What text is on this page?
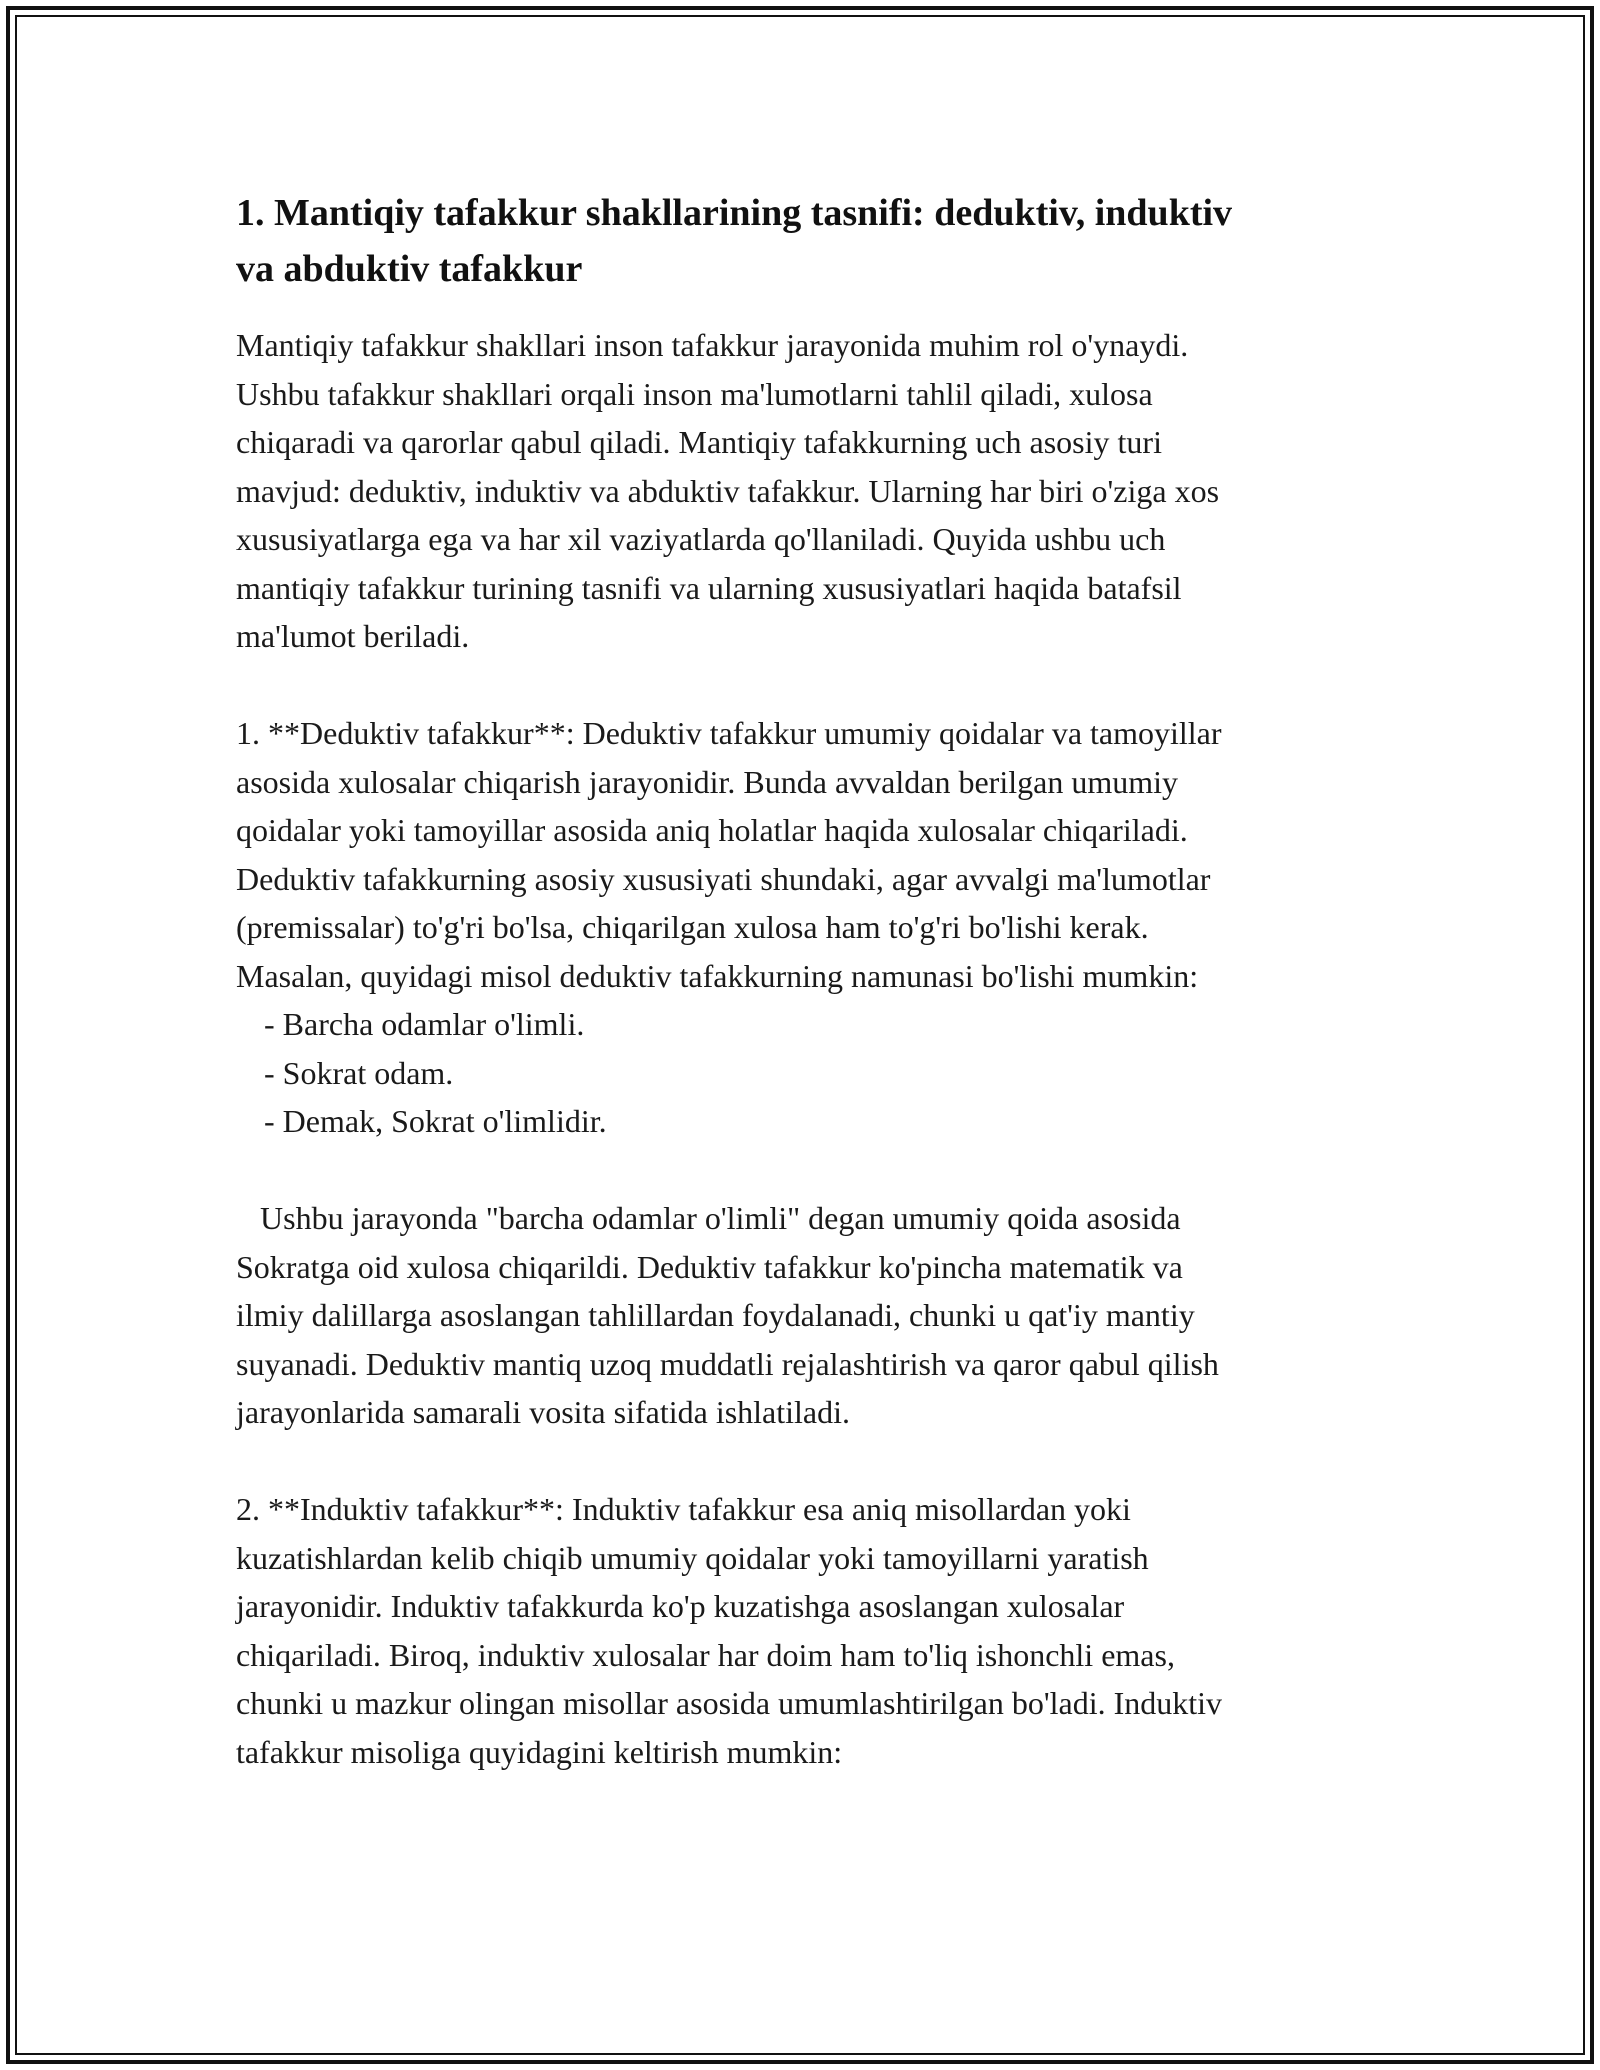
1. Mantiqiy tafakkur shakllarining tasnifi: deduktiv, induktiv
va abduktiv tafakkur

Mantiqiy tafakkur shakllari inson tafakkur jarayonida muhim rol o'ynaydi.
Ushbu tafakkur shakllari orqali inson ma'lumotlarni tahlil qiladi, xulosa
chiqaradi va qarorlar qabul qiladi. Mantiqiy tafakkurning uch asosiy turi
mavjud: deduktiv, induktiv va abduktiv tafakkur. Ularning har biri o'ziga xos
xususiyatlarga ega va har xil vaziyatlarda qo'llaniladi. Quyida ushbu uch
mantiqiy tafakkur turining tasnifi va ularning xususiyatlari haqida batafsil
ma'lumot beriladi.

1. **Deduktiv tafakkur**: Deduktiv tafakkur umumiy qoidalar va tamoyillar
asosida xulosalar chiqarish jarayonidir. Bunda avvaldan berilgan umumiy
qoidalar yoki tamoyillar asosida aniq holatlar haqida xulosalar chiqariladi.
Deduktiv tafakkurning asosiy xususiyati shundaki, agar avvalgi ma'lumotlar
(premissalar) to'g'ri bo'lsa, chiqarilgan xulosa ham to'g'ri bo'lishi kerak.
Masalan, quyidagi misol deduktiv tafakkurning namunasi bo'lishi mumkin:

- Barcha odamlar o'limli.
- Sokrat odam.
- Demak, Sokrat o'limlidir.

Ushbu jarayonda "barcha odamlar o'limli" degan umumiy qoida asosida
Sokratga oid xulosa chiqarildi. Deduktiv tafakkur ko'pincha matematik va
ilmiy dalillarga asoslangan tahlillardan foydalanadi, chunki u qat'iy mantiy
suyanadi. Deduktiv mantiq uzoq muddatli rejalashtirish va qaror qabul qilish
jarayonlarida samarali vosita sifatida ishlatiladi.

2. **Induktiv tafakkur**: Induktiv tafakkur esa aniq misollardan yoki
kuzatishlardan kelib chiqib umumiy qoidalar yoki tamoyillarni yaratish
jarayonidir. Induktiv tafakkurda ko'p kuzatishga asoslangan xulosalar
chiqariladi. Biroq, induktiv xulosalar har doim ham to'liq ishonchli emas,
chunki u mazkur olingan misollar asosida umumlashtirilgan bo'ladi. Induktiv
tafakkur misoliga quyidagini keltirish mumkin:
